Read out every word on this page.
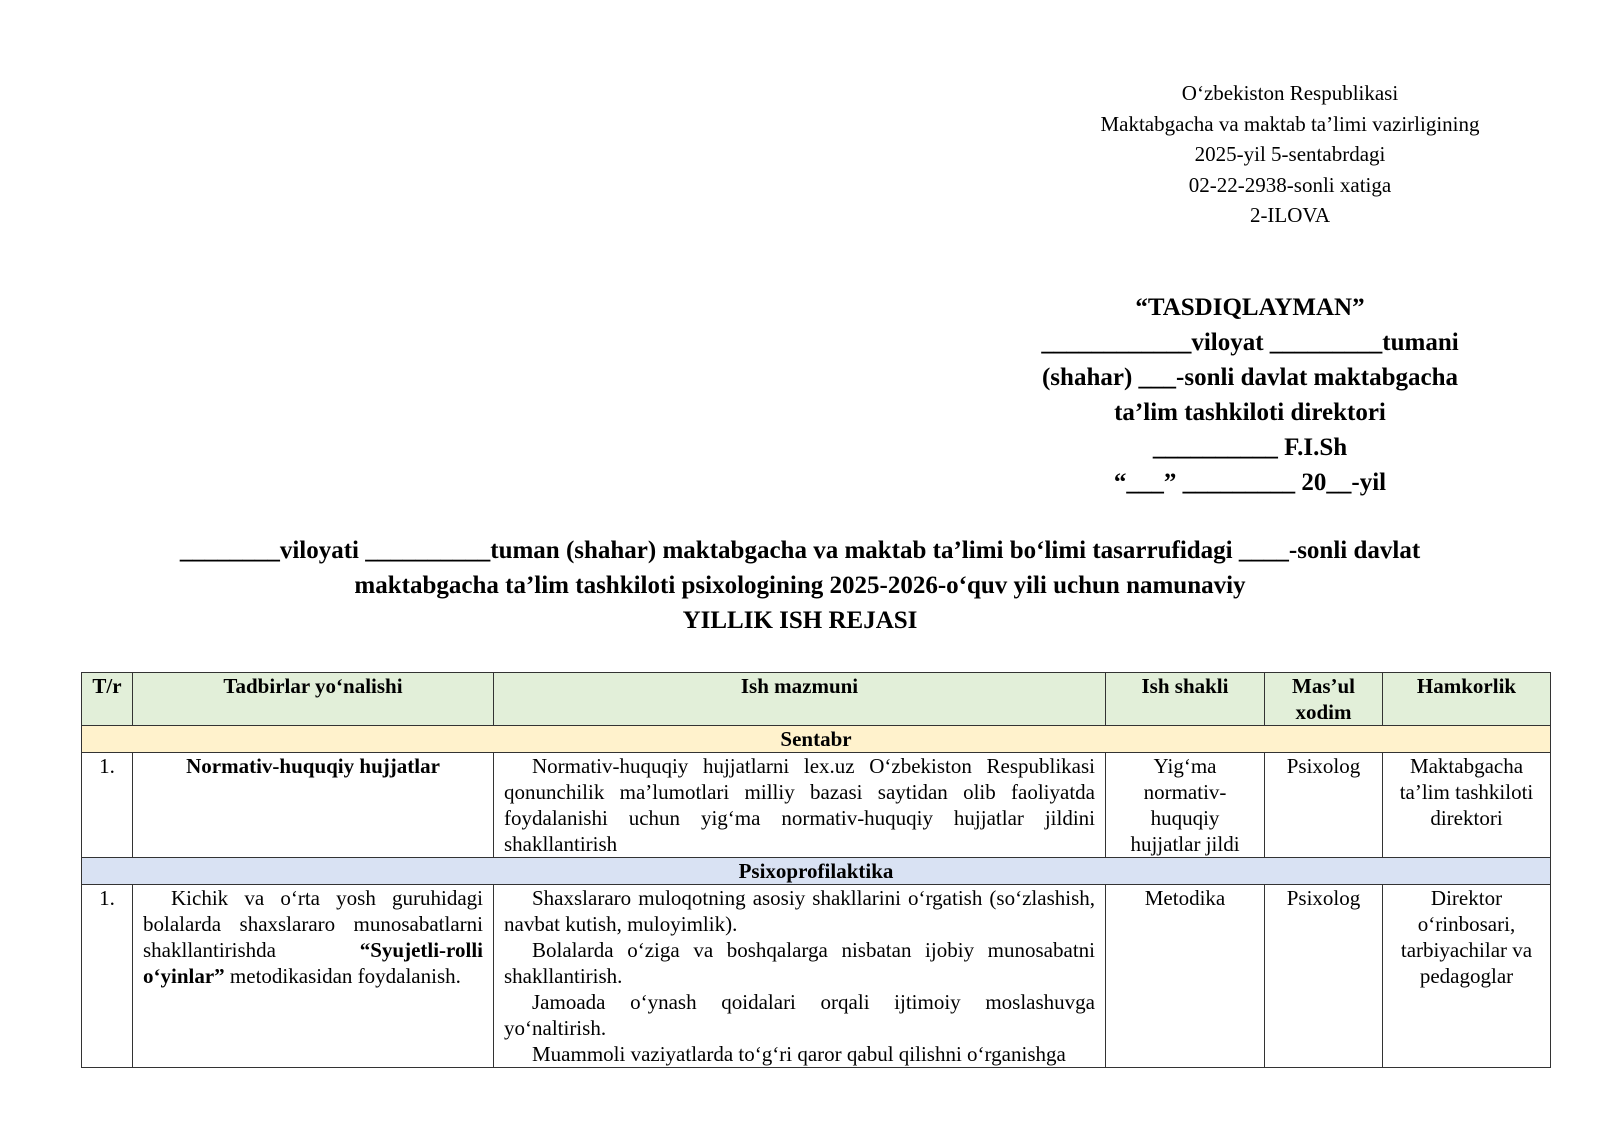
O‘zbekiston Respublikasi
Maktabgacha va maktab ta’limi vazirligining
2025-yil 5-sentabrdagi
02-22-2938-sonli xatiga
2-ILOVA
“TASDIQLAYMAN”
____________viloyat _________tumani
(shahar) ___-sonli davlat maktabgacha
ta’lim tashkiloti direktori
__________ F.I.Sh
“___” _________ 20__-yil
________viloyati __________tuman (shahar) maktabgacha va maktab ta’limi bo‘limi tasarrufidagi ____-sonli davlat
maktabgacha ta’lim tashkiloti psixologining 2025-2026-o‘quv yili uchun namunaviy
YILLIK ISH REJASI
T/r	Tadbirlar yo‘nalishi	Ish mazmuni	Ish shakli	Mas’ul xodim	Hamkorlik
Sentabr					
1.	Normativ-huquqiy hujjatlar	Normativ-huquqiy hujjatlarni lex.uz O‘zbekiston Respublikasi qonunchilik ma’lumotlari milliy bazasi saytidan olib faoliyatda foydalanishi uchun yig‘ma normativ-huquqiy hujjatlar jildini shakllantirish	Yig‘ma normativ-huquqiy hujjatlar jildi	Psixolog	Maktabgacha ta’lim tashkiloti direktori
Psixoprofilaktika					
1.	Kichik va o‘rta yosh guruhidagi bolalarda shaxslararo munosabatlarni shakllantirishda “Syujetli-rolli o‘yinlar” metodikasidan foydalanish.	Shaxslararo muloqotning asosiy shakllarini o‘rgatish (so‘zlashish, navbat kutish, muloyimlik).
Bolalarda o‘ziga va boshqalarga nisbatan ijobiy munosabatni shakllantirish.
Jamoada o‘ynash qoidalari orqali ijtimoiy moslashuvga yo‘naltirish.
Muammoli vaziyatlarda to‘g‘ri qaror qabul qilishni o‘rganishga	Metodika	Psixolog	Direktor o‘rinbosari, tarbiyachilar va pedagoglar
